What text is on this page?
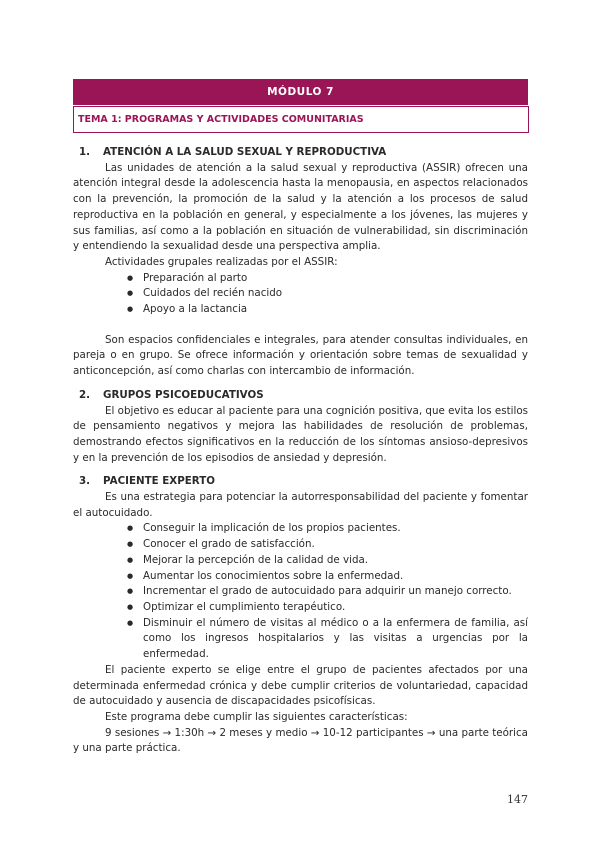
MÓDULO 7
TEMA 1: PROGRAMAS Y ACTIVIDADES COMUNITARIAS
1.	ATENCIÓN A LA SALUD SEXUAL Y REPRODUCTIVA

Las unidades de atención a la salud sexual y reproductiva (ASSIR) ofrecen una atención integral desde la adolescencia hasta la menopausia, en aspectos relacionados con la prevención, la promoción de la salud y la atención a los procesos de salud reproductiva en la población en general, y especialmente a los jóvenes, las mujeres y sus familias, así como a la población en situación de vulnerabilidad, sin discriminación y entendiendo la sexualidad desde una perspectiva amplia.

Actividades grupales realizadas por el ASSIR:

● Preparación al parto
● Cuidados del recién nacido
● Apoyo a la lactancia

Son espacios confidenciales e integrales, para atender consultas individuales, en pareja o en grupo. Se ofrece información y orientación sobre temas de sexualidad y anticoncepción, así como charlas con intercambio de información.

2.	GRUPOS PSICOEDUCATIVOS

El objetivo es educar al paciente para una cognición positiva, que evita los estilos de pensamiento negativos y mejora las habilidades de resolución de problemas, demostrando efectos significativos en la reducción de los síntomas ansioso-depresivos y en la prevención de los episodios de ansiedad y depresión.

3.	PACIENTE EXPERTO

Es una estrategia para potenciar la autorresponsabilidad del paciente y fomentar el autocuidado.

● Conseguir la implicación de los propios pacientes.
● Conocer el grado de satisfacción.
● Mejorar la percepción de la calidad de vida.
● Aumentar los conocimientos sobre la enfermedad.
● Incrementar el grado de autocuidado para adquirir un manejo correcto.
● Optimizar el cumplimiento terapéutico.
● Disminuir el número de visitas al médico o a la enfermera de familia, así como los ingresos hospitalarios y las visitas a urgencias por la enfermedad.

El paciente experto se elige entre el grupo de pacientes afectados por una determinada enfermedad crónica y debe cumplir criterios de voluntariedad, capacidad de autocuidado y ausencia de discapacidades psicofísicas.

Este programa debe cumplir las siguientes características:

9 sesiones → 1:30h → 2 meses y medio → 10-12 participantes → una parte teórica y una parte práctica.

147
